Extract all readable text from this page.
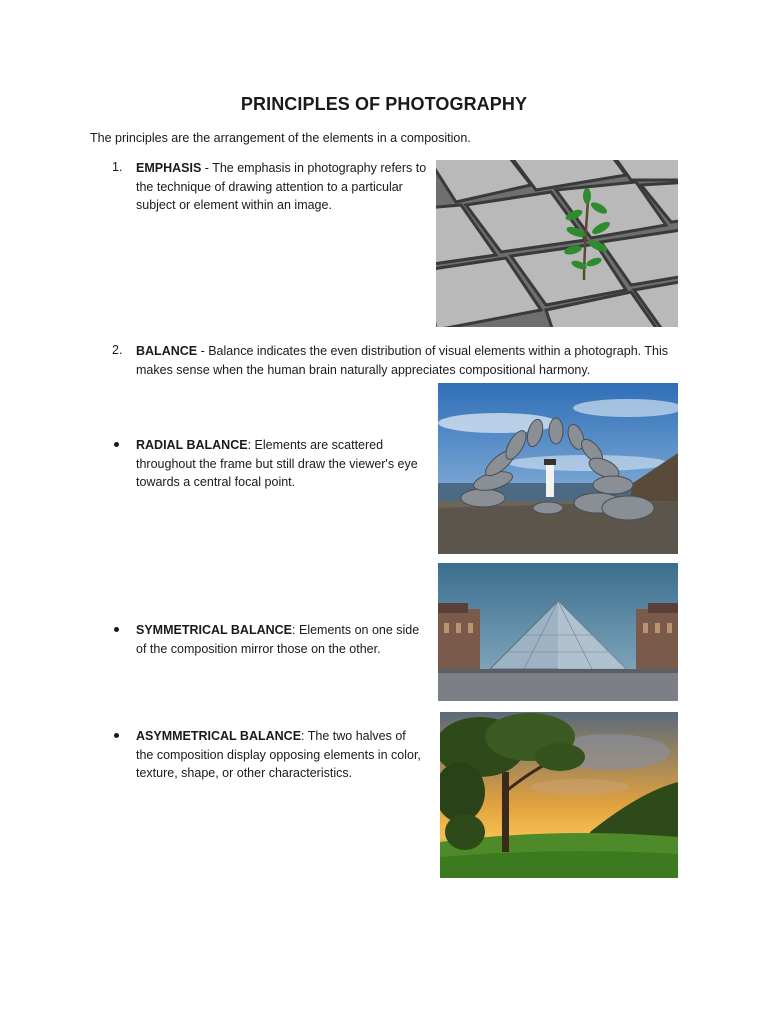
PRINCIPLES OF PHOTOGRAPHY
The principles are the arrangement of the elements in a composition.
1. EMPHASIS - The emphasis in photography refers to the technique of drawing attention to a particular subject or element within an image.
2. BALANCE - Balance indicates the even distribution of visual elements within a photograph. This makes sense when the human brain naturally appreciates compositional harmony.
RADIAL BALANCE: Elements are scattered throughout the frame but still draw the viewer's eye towards a central focal point.
SYMMETRICAL BALANCE: Elements on one side of the composition mirror those on the other.
ASYMMETRICAL BALANCE: The two halves of the composition display opposing elements in color, texture, shape, or other characteristics.
